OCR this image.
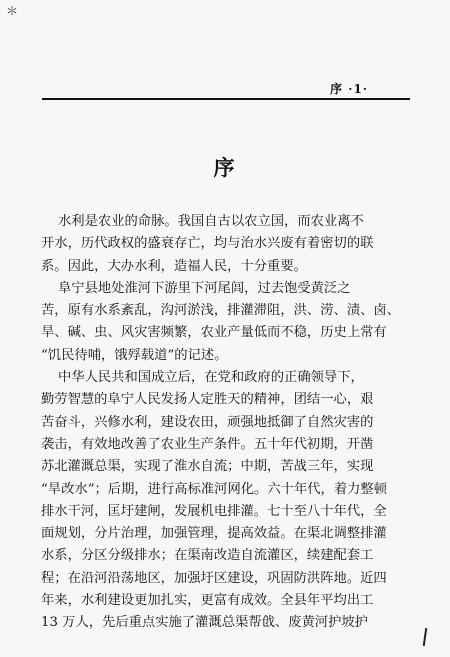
＊
序 ·1·
序
水利是农业的命脉。我国自古以农立国，而农业离不
开水，历代政权的盛衰存亡，均与治水兴废有着密切的联
系。因此，大办水利，造福人民，十分重要。
阜宁县地处淮河下游里下河尾闾，过去饱受黄泛之
苦，原有水系紊乱，沟河淤浅，排灌滞阻，洪、涝、渍、卤、
旱、碱、虫、风灾害频繁，农业产量低而不稳，历史上常有
“饥民待哺，饿殍载道”的记述。
中华人民共和国成立后，在党和政府的正确领导下，
勤劳智慧的阜宁人民发扬人定胜天的精神，团结一心，艰
苦奋斗，兴修水利，建设农田，顽强地抵御了自然灾害的
袭击，有效地改善了农业生产条件。五十年代初期，开凿
苏北灌溉总渠，实现了淮水自流；中期，苦战三年，实现
“旱改水”；后期，进行高标准河网化。六十年代，着力整顿
排水干河，匡圩建闸，发展机电排灌。七十至八十年代，全
面规划，分片治理，加强管理，提高效益。在渠北调整排灌
水系，分区分级排水；在渠南改造自流灌区，续建配套工
程；在沿河沿荡地区，加强圩区建设，巩固防洪阵地。近四
年来，水利建设更加扎实，更富有成效。全县年平均出工
13 万人，先后重点实施了灌溉总渠帮戗、废黄河护坡护
